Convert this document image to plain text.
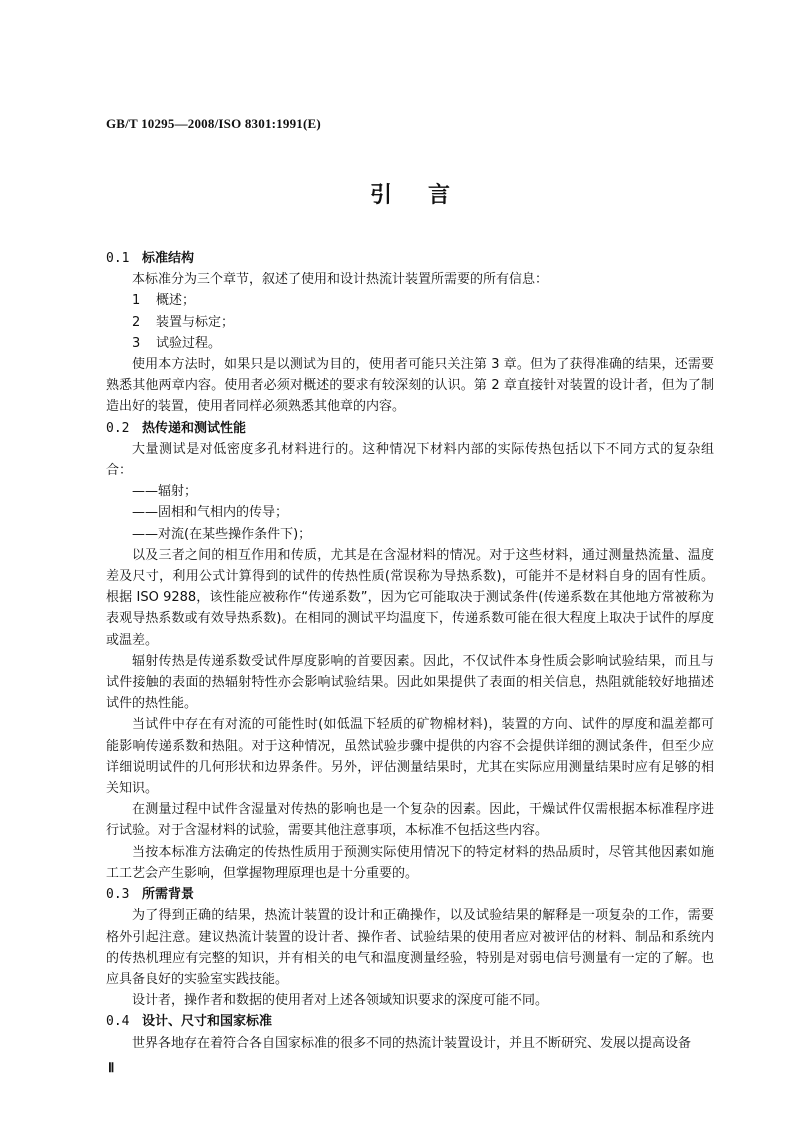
GB/T 10295—2008/ISO 8301:1991(E)
引言
0.1 标准结构

本标准分为三个章节，叙述了使用和设计热流计装置所需要的所有信息：

1 概述；

2 装置与标定；

3 试验过程。

使用本方法时，如果只是以测试为目的，使用者可能只关注第 3 章。但为了获得准确的结果，还需要熟悉其他两章内容。使用者必须对概述的要求有较深刻的认识。第 2 章直接针对装置的设计者，但为了制造出好的装置，使用者同样必须熟悉其他章的内容。

0.2 热传递和测试性能

大量测试是对低密度多孔材料进行的。这种情况下材料内部的实际传热包括以下不同方式的复杂组合：

——辐射；

——固相和气相内的传导；

——对流(在某些操作条件下)；

以及三者之间的相互作用和传质，尤其是在含湿材料的情况。对于这些材料，通过测量热流量、温度差及尺寸，利用公式计算得到的试件的传热性质(常误称为导热系数)，可能并不是材料自身的固有性质。根据 ISO 9288，该性能应被称作“传递系数”，因为它可能取决于测试条件(传递系数在其他地方常被称为表观导热系数或有效导热系数)。在相同的测试平均温度下，传递系数可能在很大程度上取决于试件的厚度或温差。

辐射传热是传递系数受试件厚度影响的首要因素。因此，不仅试件本身性质会影响试验结果，而且与试件接触的表面的热辐射特性亦会影响试验结果。因此如果提供了表面的相关信息，热阻就能较好地描述试件的热性能。

当试件中存在有对流的可能性时(如低温下轻质的矿物棉材料)，装置的方向、试件的厚度和温差都可能影响传递系数和热阻。对于这种情况，虽然试验步骤中提供的内容不会提供详细的测试条件，但至少应详细说明试件的几何形状和边界条件。另外，评估测量结果时，尤其在实际应用测量结果时应有足够的相关知识。

在测量过程中试件含湿量对传热的影响也是一个复杂的因素。因此，干燥试件仅需根据本标准程序进行试验。对于含湿材料的试验，需要其他注意事项，本标准不包括这些内容。

当按本标准方法确定的传热性质用于预测实际使用情况下的特定材料的热品质时，尽管其他因素如施工工艺会产生影响，但掌握物理原理也是十分重要的。

0.3 所需背景

为了得到正确的结果，热流计装置的设计和正确操作，以及试验结果的解释是一项复杂的工作，需要格外引起注意。建议热流计装置的设计者、操作者、试验结果的使用者应对被评估的材料、制品和系统内的传热机理应有完整的知识，并有相关的电气和温度测量经验，特别是对弱电信号测量有一定的了解。也应具备良好的实验室实践技能。

设计者，操作者和数据的使用者对上述各领域知识要求的深度可能不同。

0.4 设计、尺寸和国家标准

世界各地存在着符合各自国家标准的很多不同的热流计装置设计，并且不断研究、发展以提高设备

Ⅱ
